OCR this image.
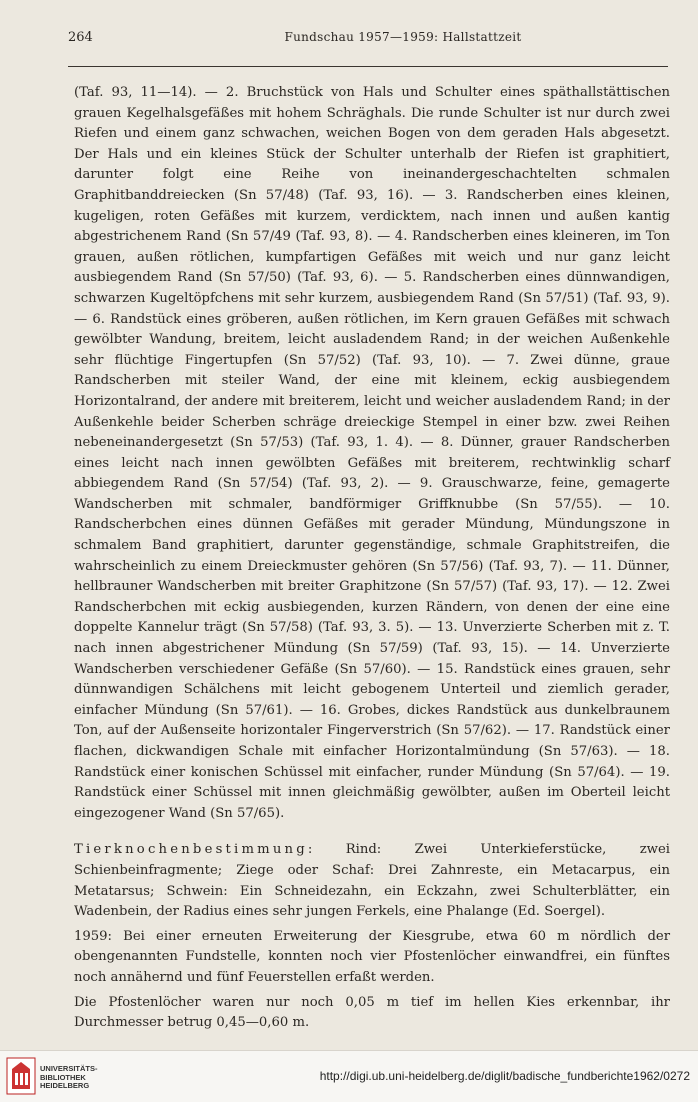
264	Fundschau 1957—1959: Hallstattzeit

(Taf. 93, 11—14). — 2. Bruchstück von Hals und Schulter eines späthallstättischen grauen Kegelhalsgefäßes mit hohem Schräghals. Die runde Schulter ist nur durch zwei Riefen und einem ganz schwachen, weichen Bogen von dem geraden Hals abgesetzt. Der Hals und ein kleines Stück der Schulter unterhalb der Riefen ist graphitiert, darunter folgt eine Reihe von ineinandergeschachtelten schmalen Graphitbanddreiecken (Sn 57/48) (Taf. 93, 16). — 3. Randscherben eines kleinen, kugeligen, roten Gefäßes mit kurzem, verdicktem, nach innen und außen kantig abgestrichenem Rand (Sn 57/49 (Taf. 93, 8). — 4. Randscherben eines kleineren, im Ton grauen, außen rötlichen, kumpfartigen Gefäßes mit weich und nur ganz leicht ausbiegendem Rand (Sn 57/50) (Taf. 93, 6). — 5. Randscherben eines dünnwandigen, schwarzen Kugeltöpfchens mit sehr kurzem, ausbiegendem Rand (Sn 57/51) (Taf. 93, 9). — 6. Randstück eines gröberen, außen rötlichen, im Kern grauen Gefäßes mit schwach gewölbter Wandung, breitem, leicht ausladendem Rand; in der weichen Außenkehle sehr flüchtige Fingertupfen (Sn 57/52) (Taf. 93, 10). — 7. Zwei dünne, graue Randscherben mit steiler Wand, der eine mit kleinem, eckig ausbiegendem Horizontalrand, der andere mit breiterem, leicht und weicher ausladendem Rand; in der Außenkehle beider Scherben schräge dreieckige Stempel in einer bzw. zwei Reihen nebeneinandergesetzt (Sn 57/53) (Taf. 93, 1. 4). — 8. Dünner, grauer Randscherben eines leicht nach innen gewölbten Gefäßes mit breiterem, rechtwinklig scharf abbiegendem Rand (Sn 57/54) (Taf. 93, 2). — 9. Grauschwarze, feine, gemagerte Wandscherben mit schmaler, bandförmiger Griffknubbe (Sn 57/55). — 10. Randscherbchen eines dünnen Gefäßes mit gerader Mündung, Mündungszone in schmalem Band graphitiert, darunter gegenständige, schmale Graphitstreifen, die wahrscheinlich zu einem Dreieckmuster gehören (Sn 57/56) (Taf. 93, 7). — 11. Dünner, hellbrauner Wandscherben mit breiter Graphitzone (Sn 57/57) (Taf. 93, 17). — 12. Zwei Randscherbchen mit eckig ausbiegenden, kurzen Rändern, von denen der eine eine doppelte Kannelur trägt (Sn 57/58) (Taf. 93, 3. 5). — 13. Unverzierte Scherben mit z. T. nach innen abgestrichener Mündung (Sn 57/59) (Taf. 93, 15). — 14. Unverzierte Wandscherben verschiedener Gefäße (Sn 57/60). — 15. Randstück eines grauen, sehr dünnwandigen Schälchens mit leicht gebogenem Unterteil und ziemlich gerader, einfacher Mündung (Sn 57/61). — 16. Grobes, dickes Randstück aus dunkelbraunem Ton, auf der Außenseite horizontaler Fingerverstrich (Sn 57/62). — 17. Randstück einer flachen, dickwandigen Schale mit einfacher Horizontalmündung (Sn 57/63). — 18. Randstück einer konischen Schüssel mit einfacher, runder Mündung (Sn 57/64). — 19. Randstück einer Schüssel mit innen gleichmäßig gewölbter, außen im Oberteil leicht eingezogener Wand (Sn 57/65).

Tierknochenbestimmung: Rind: Zwei Unterkieferstücke, zwei Schienbeinfragmente; Ziege oder Schaf: Drei Zahnreste, ein Metacarpus, ein Metatarsus; Schwein: Ein Schneidezahn, ein Eckzahn, zwei Schulterblätter, ein Wadenbein, der Radius eines sehr jungen Ferkels, eine Phalange (Ed. Soergel).

1959: Bei einer erneuten Erweiterung der Kiesgrube, etwa 60 m nördlich der obengenannten Fundstelle, konnten noch vier Pfostenlöcher einwandfrei, ein fünftes noch annähernd und fünf Feuerstellen erfaßt werden.

Die Pfostenlöcher waren nur noch 0,05 m tief im hellen Kies erkennbar, ihr Durchmesser betrug 0,45—0,60 m.

UNIVERSITÄTS-
BIBLIOTHEK
HEIDELBERG
http://digi.ub.uni-heidelberg.de/diglit/badische_fundberichte1962/0272
